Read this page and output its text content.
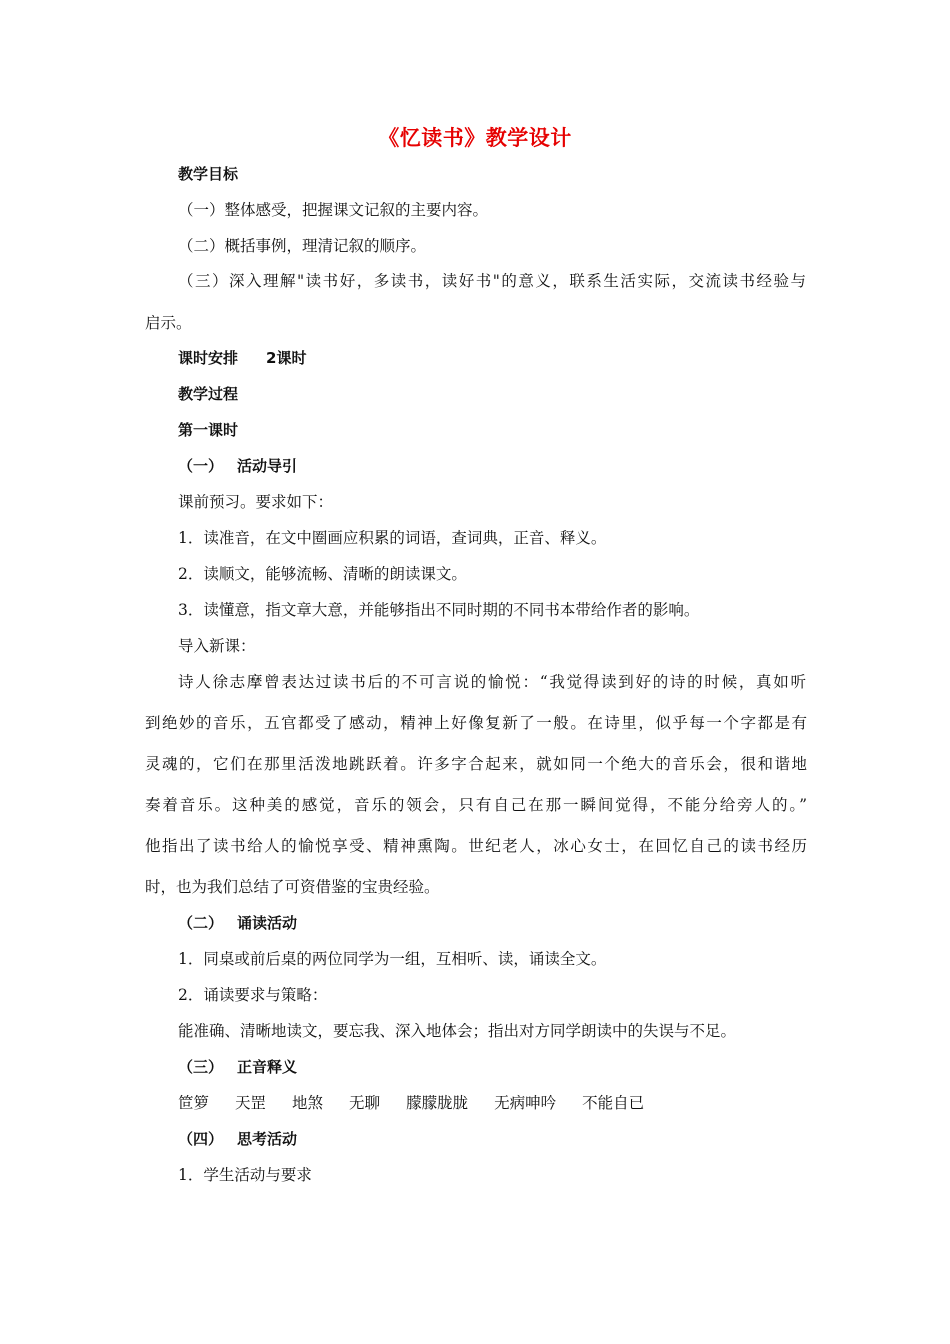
《忆读书》教学设计
教学目标
（一）整体感受，把握课文记叙的主要内容。
（二）概括事例，理清记叙的顺序。
（三）深入理解"读书好，多读书，读好书"的意义，联系生活实际，交流读书经验与
启示。
课时安排 2课时
教学过程
第一课时
（一） 活动导引
课前预习。要求如下：
1．读准音，在文中圈画应积累的词语，查词典，正音、释义。
2．读顺文，能够流畅、清晰的朗读课文。
3．读懂意，指文章大意，并能够指出不同时期的不同书本带给作者的影响。
导入新课：
诗人徐志摩曾表达过读书后的不可言说的愉悦：“我觉得读到好的诗的时候，真如听
到绝妙的音乐，五官都受了感动，精神上好像复新了一般。在诗里，似乎每一个字都是有
灵魂的，它们在那里活泼地跳跃着。许多字合起来，就如同一个绝大的音乐会，很和谐地
奏着音乐。这种美的感觉，音乐的领会，只有自己在那一瞬间觉得，不能分给旁人的。”
他指出了读书给人的愉悦享受、精神熏陶。世纪老人，冰心女士，在回忆自己的读书经历
时，也为我们总结了可资借鉴的宝贵经验。
（二） 诵读活动
1．同桌或前后桌的两位同学为一组，互相听、读，诵读全文。
2．诵读要求与策略：
能准确、清晰地读文，要忘我、深入地体会；指出对方同学朗读中的失误与不足。
（三） 正音释义
笸箩 天罡 地煞 无聊 朦朦胧胧 无病呻吟 不能自已
（四） 思考活动
1．学生活动与要求
